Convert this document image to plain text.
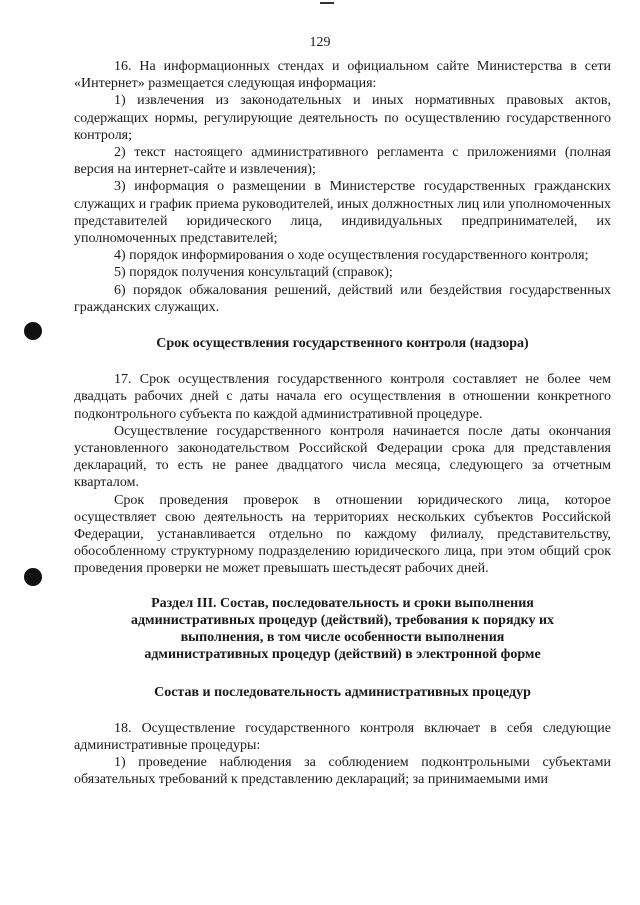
129

16. На информационных стендах и официальном сайте Министерства в сети «Интернет» размещается следующая информация:

1) извлечения из законодательных и иных нормативных правовых актов, содержащих нормы, регулирующие деятельность по осуществлению государственного контроля;

2) текст настоящего административного регламента с приложениями (полная версия на интернет-сайте и извлечения);

3) информация о размещении в Министерстве государственных гражданских служащих и график приема руководителей, иных должностных лиц или уполномоченных представителей юридического лица, индивидуальных предпринимателей, их уполномоченных представителей;

4) порядок информирования о ходе осуществления государственного контроля;

5) порядок получения консультаций (справок);

6) порядок обжалования решений, действий или бездействия государственных гражданских служащих.

Срок осуществления государственного контроля (надзора)

17. Срок осуществления государственного контроля составляет не более чем двадцать рабочих дней с даты начала его осуществления в отношении конкретного подконтрольного субъекта по каждой административной процедуре.

Осуществление государственного контроля начинается после даты окончания установленного законодательством Российской Федерации срока для представления деклараций, то есть не ранее двадцатого числа месяца, следующего за отчетным кварталом.

Срок проведения проверок в отношении юридического лица, которое осуществляет свою деятельность на территориях нескольких субъектов Российской Федерации, устанавливается отдельно по каждому филиалу, представительству, обособленному структурному подразделению юридического лица, при этом общий срок проведения проверки не может превышать шестьдесят рабочих дней.

Раздел III. Состав, последовательность и сроки выполнения административных процедур (действий), требования к порядку их выполнения, в том числе особенности выполнения административных процедур (действий) в электронной форме
Состав и последовательность административных процедур

18. Осуществление государственного контроля включает в себя следующие административные процедуры:

1) проведение наблюдения за соблюдением подконтрольными субъектами обязательных требований к представлению деклараций; за принимаемыми ими
